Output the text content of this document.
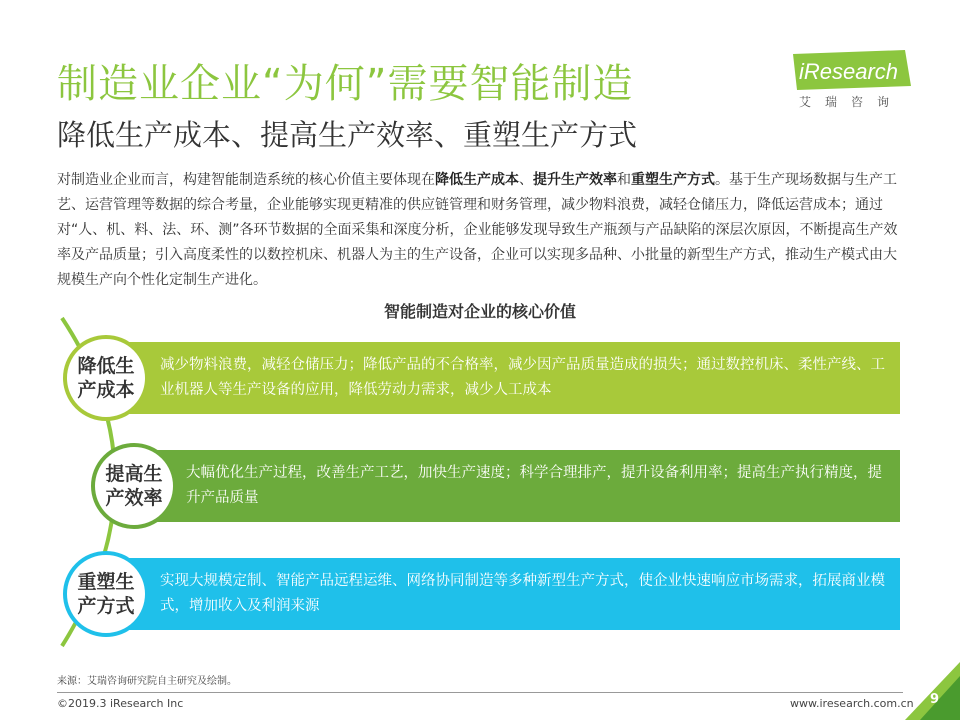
制造业企业“为何”需要智能制造
降低生产成本、提高生产效率、重塑生产方式
iResearch
艾瑞咨询
对制造业企业而言，构建智能制造系统的核心价值主要体现在降低生产成本、提升生产效率和重塑生产方式。基于生产现场数据与生产工艺、运营管理等数据的综合考量，企业能够实现更精准的供应链管理和财务管理，减少物料浪费，减轻仓储压力，降低运营成本；通过对“人、机、料、法、环、测”各环节数据的全面采集和深度分析，企业能够发现导致生产瓶颈与产品缺陷的深层次原因，不断提高生产效率及产品质量；引入高度柔性的以数控机床、机器人为主的生产设备，企业可以实现多品种、小批量的新型生产方式，推动生产模式由大规模生产向个性化定制生产进化。
智能制造对企业的核心价值
减少物料浪费，减轻仓储压力；降低产品的不合格率，减少因产品质量造成的损失；通过数控机床、柔性产线、工业机器人等生产设备的应用，降低劳动力需求，减少人工成本
降低生
产成本
大幅优化生产过程，改善生产工艺，加快生产速度；科学合理排产，提升设备利用率；提高生产执行精度，提升产品质量
提高生
产效率
实现大规模定制、智能产品远程运维、网络协同制造等多种新型生产方式，使企业快速响应市场需求，拓展商业模式，增加收入及利润来源
重塑生
产方式
来源：艾瑞咨询研究院自主研究及绘制。
©2019.3 iResearch Inc	www.iresearch.com.cn 9
